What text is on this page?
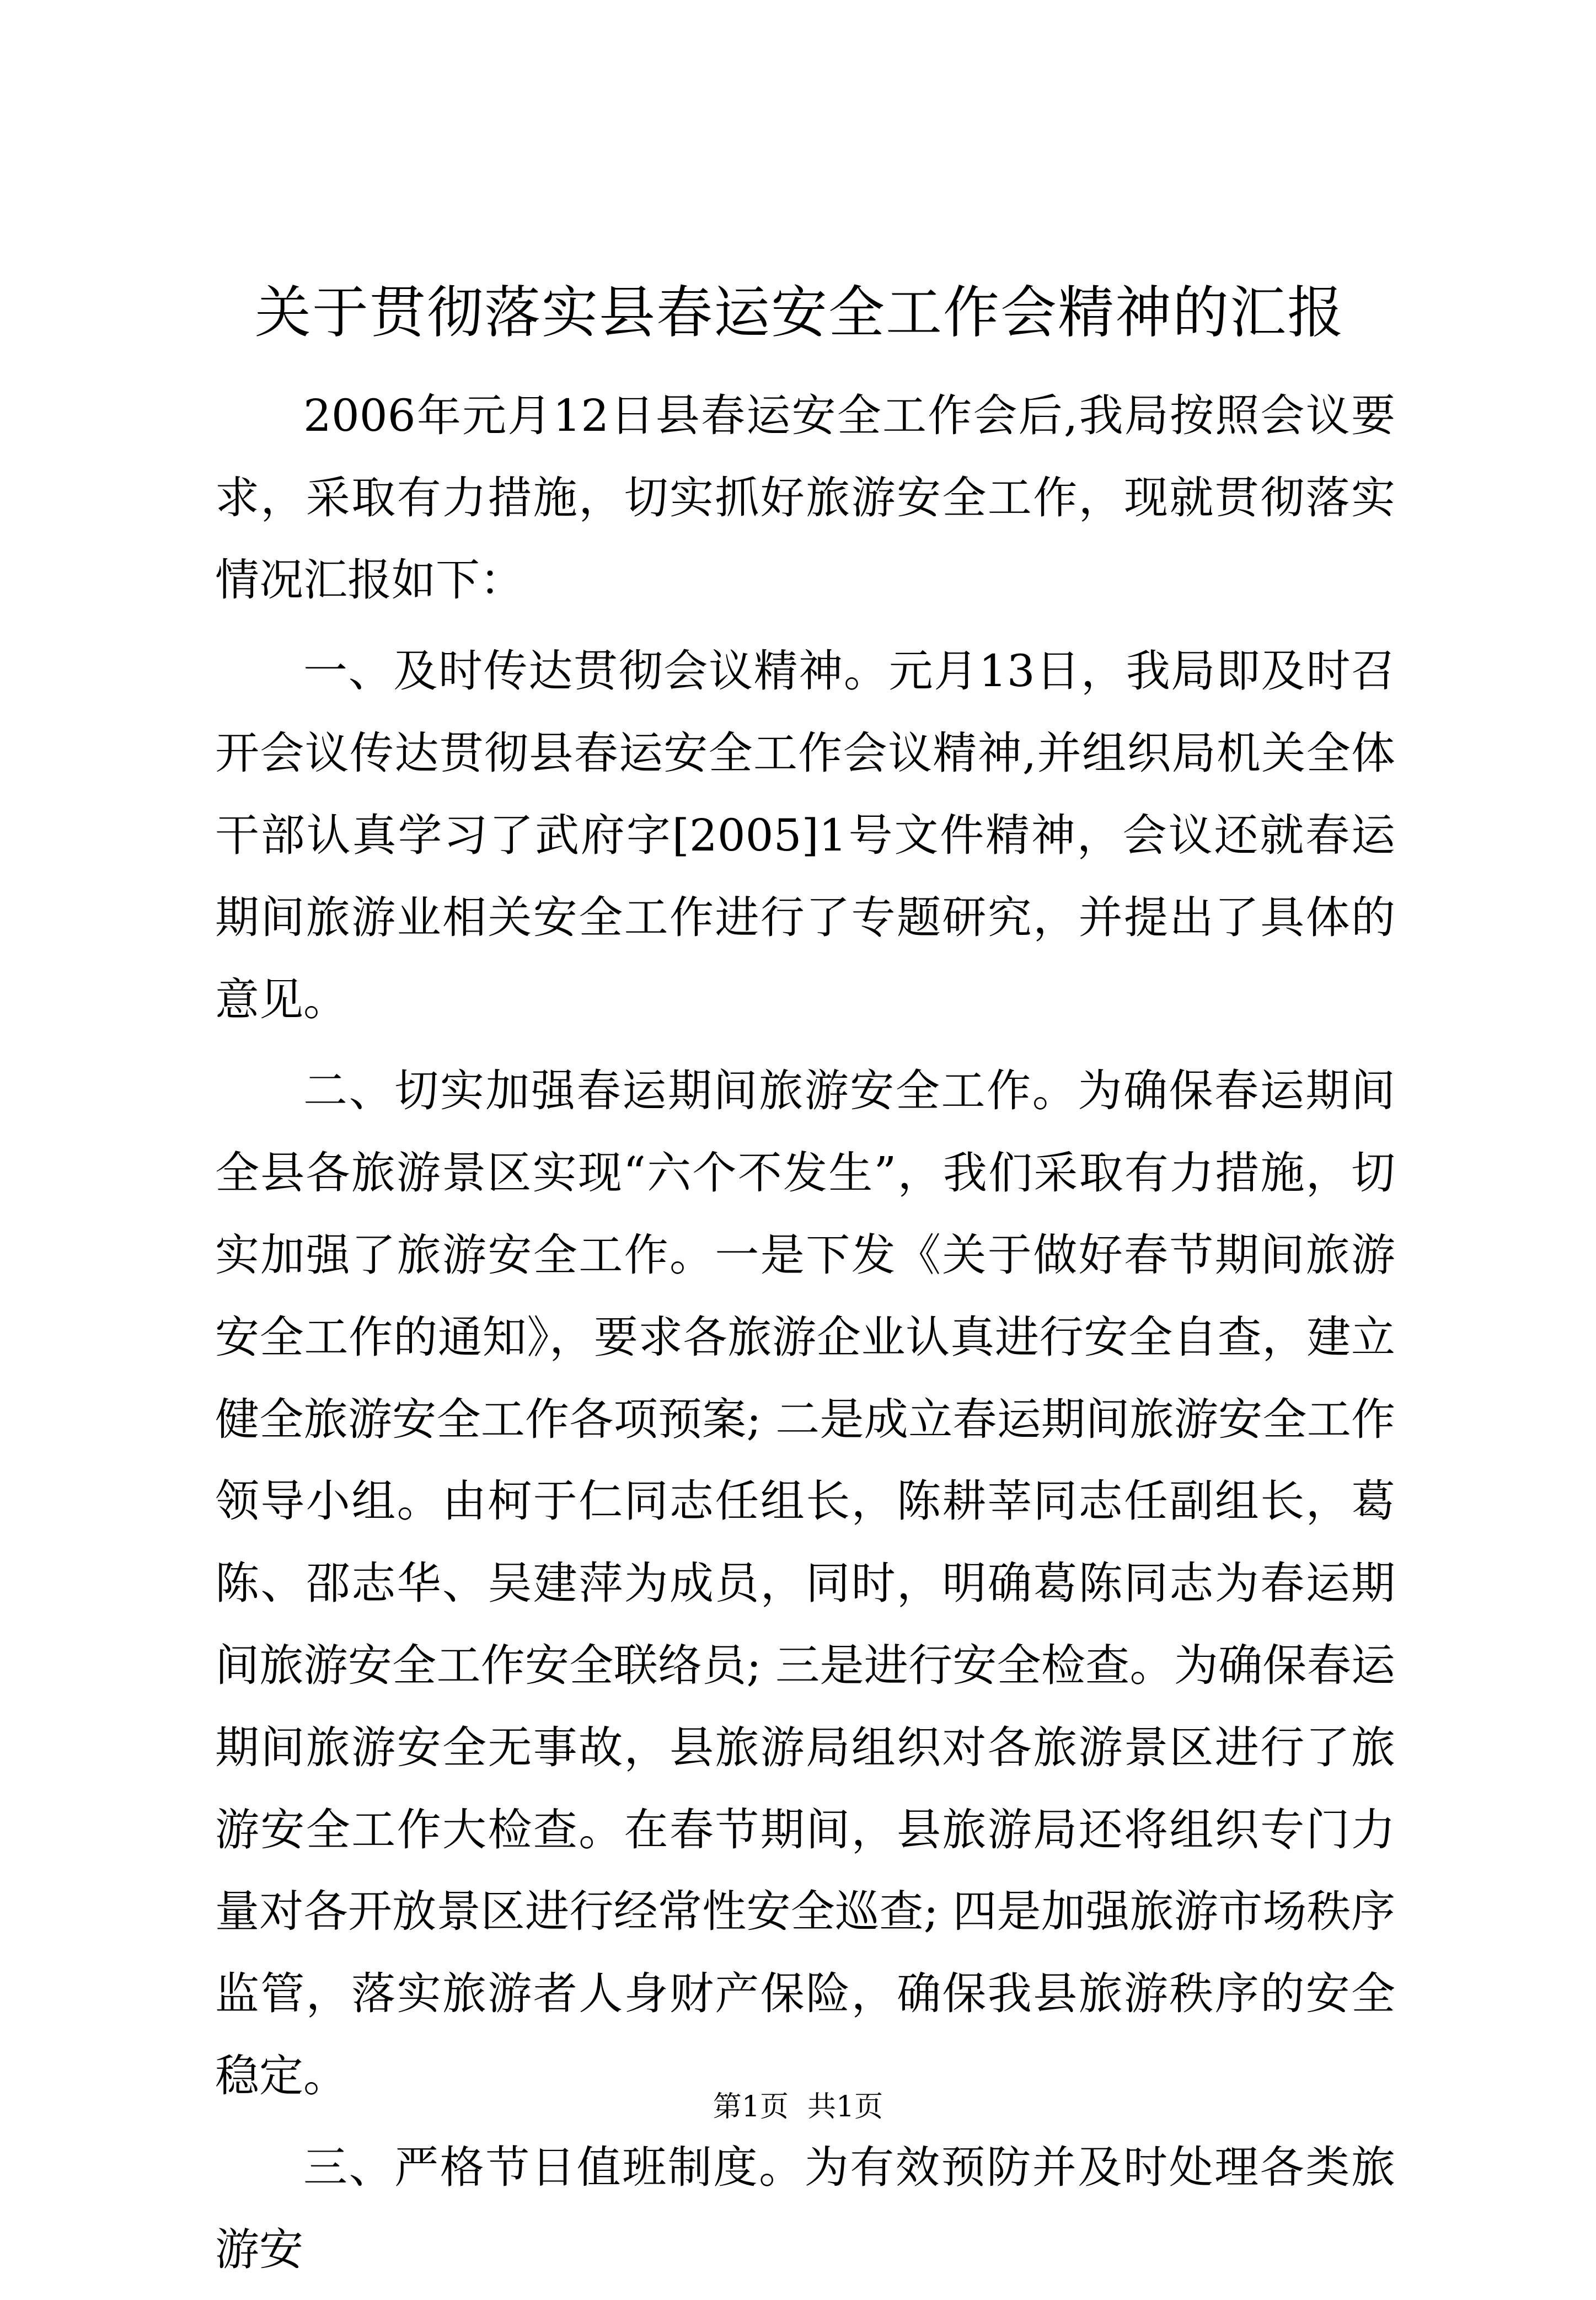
关于贯彻落实县春运安全工作会精神的汇报

2006年元月12日县春运安全工作会后,我局按照会议要求，采取有力措施，切实抓好旅游安全工作，现就贯彻落实情况汇报如下：

一、及时传达贯彻会议精神。元月13日，我局即及时召开会议传达贯彻县春运安全工作会议精神,并组织局机关全体干部认真学习了武府字[2005]1号文件精神，会议还就春运期间旅游业相关安全工作进行了专题研究，并提出了具体的意见。

二、切实加强春运期间旅游安全工作。为确保春运期间全县各旅游景区实现“六个不发生”，我们采取有力措施，切实加强了旅游安全工作。一是下发《关于做好春节期间旅游安全工作的通知》，要求各旅游企业认真进行安全自查，建立健全旅游安全工作各项预案; 二是成立春运期间旅游安全工作领导小组。由柯于仁同志任组长，陈耕莘同志任副组长，葛陈、邵志华、吴建萍为成员，同时，明确葛陈同志为春运期间旅游安全工作安全联络员; 三是进行安全检查。为确保春运期间旅游安全无事故，县旅游局组织对各旅游景区进行了旅游安全工作大检查。在春节期间，县旅游局还将组织专门力量对各开放景区进行经常性安全巡查; 四是加强旅游市场秩序监管，落实旅游者人身财产保险，确保我县旅游秩序的安全稳定。

三、严格节日值班制度。为有效预防并及时处理各类旅游安

第1页 共1页
